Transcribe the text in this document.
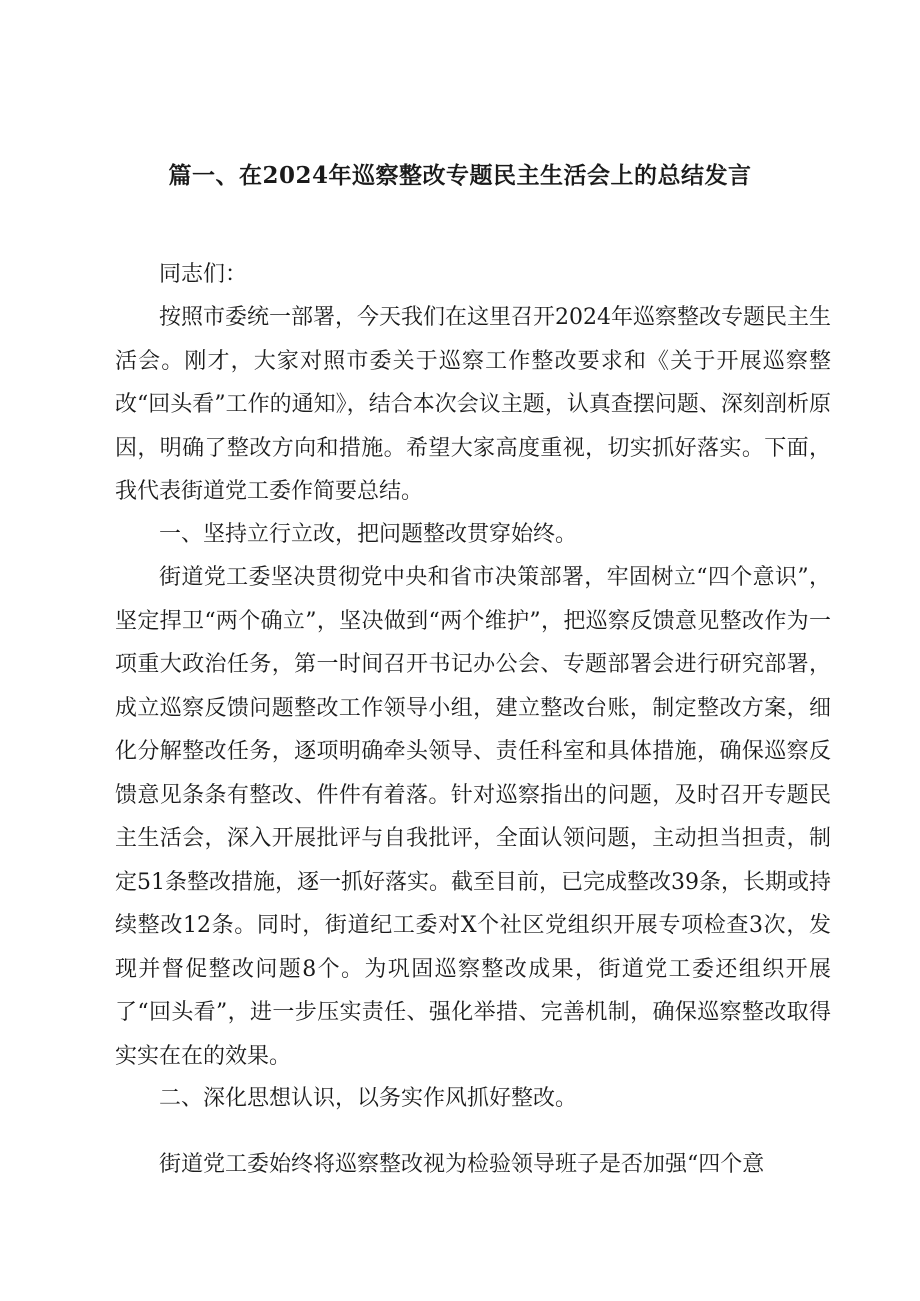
篇一、在2024年巡察整改专题民主生活会上的总结发言

同志们：

按照市委统一部署，今天我们在这里召开2024年巡察整改专题民主生活会。刚才，大家对照市委关于巡察工作整改要求和《关于开展巡察整改“回头看”工作的通知》，结合本次会议主题，认真查摆问题、深刻剖析原因，明确了整改方向和措施。希望大家高度重视，切实抓好落实。下面，我代表街道党工委作简要总结。

一、坚持立行立改，把问题整改贯穿始终。

街道党工委坚决贯彻党中央和省市决策部署，牢固树立“四个意识”，坚定捍卫“两个确立”，坚决做到“两个维护”，把巡察反馈意见整改作为一项重大政治任务，第一时间召开书记办公会、专题部署会进行研究部署，成立巡察反馈问题整改工作领导小组，建立整改台账，制定整改方案，细化分解整改任务，逐项明确牵头领导、责任科室和具体措施，确保巡察反馈意见条条有整改、件件有着落。针对巡察指出的问题，及时召开专题民主生活会，深入开展批评与自我批评，全面认领问题，主动担当担责，制定51条整改措施，逐一抓好落实。截至目前，已完成整改39条，长期或持续整改12条。同时，街道纪工委对X个社区党组织开展专项检查3次，发现并督促整改问题8个。为巩固巡察整改成果，街道党工委还组织开展了“回头看”，进一步压实责任、强化举措、完善机制，确保巡察整改取得实实在在的效果。

二、深化思想认识，以务实作风抓好整改。

街道党工委始终将巡察整改视为检验领导班子是否加强“四个意
